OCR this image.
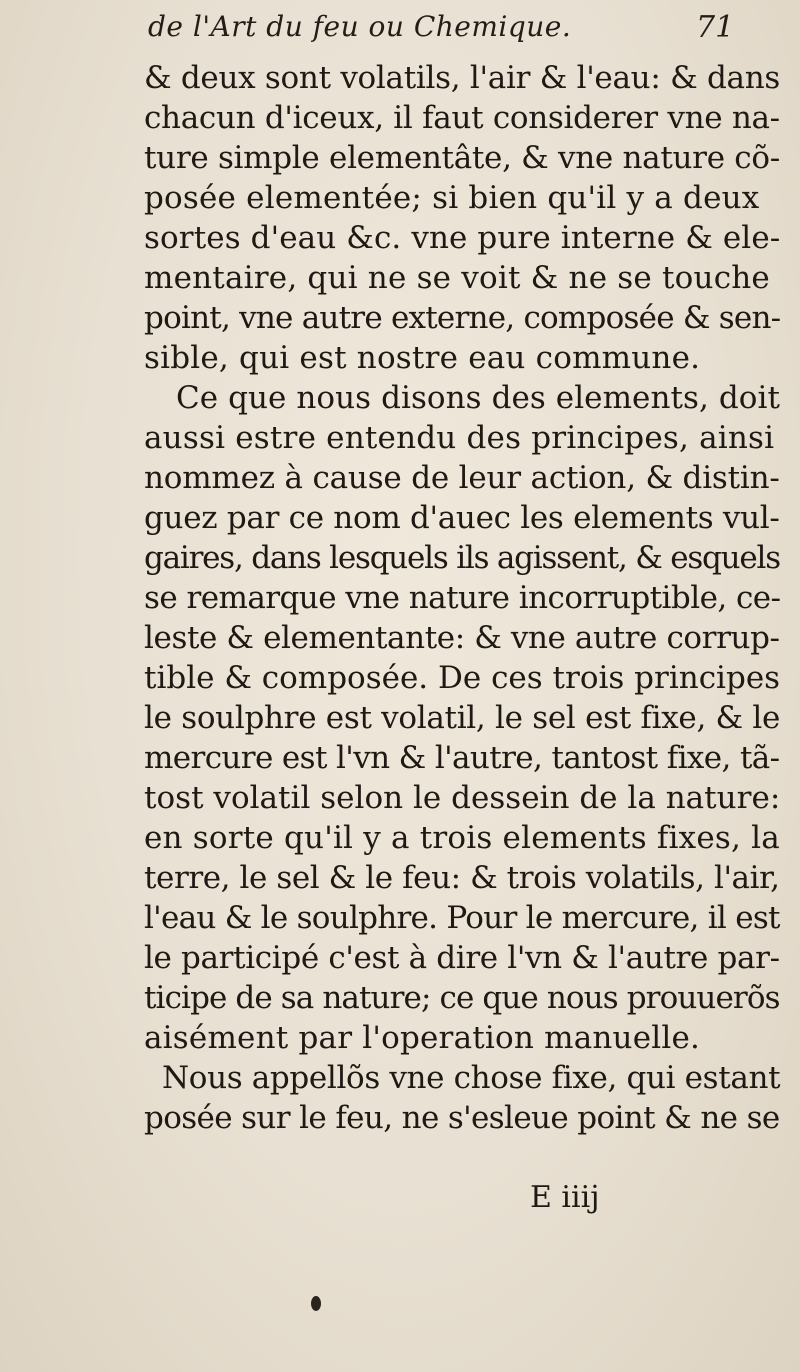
de l'Art du feu ou Chemique.	71
& deux sont volatils, l'air & l'eau: & dans
chacun d'iceux, il faut considerer vne na-
ture simple elementâte, & vne nature cõ-
posée elementée; si bien qu'il y a deux
sortes d'eau &c. vne pure interne & ele-
mentaire, qui ne se voit & ne se touche
point, vne autre externe, composée & sen-
sible, qui est nostre eau commune.
Ce que nous disons des elements, doit
aussi estre entendu des principes, ainsi
nommez à cause de leur action, & distin-
guez par ce nom d'auec les elements vul-
gaires, dans lesquels ils agissent, & esquels
se remarque vne nature incorruptible, ce-
leste & elementante: & vne autre corrup-
tible & composée. De ces trois principes
le soulphre est volatil, le sel est fixe, & le
mercure est l'vn & l'autre, tantost fixe, tã-
tost volatil selon le dessein de la nature:
en sorte qu'il y a trois elements fixes, la
terre, le sel & le feu: & trois volatils, l'air,
l'eau & le soulphre. Pour le mercure, il est
le participé c'est à dire l'vn & l'autre par-
ticipe de sa nature; ce que nous prouuerõs
aisément par l'operation manuelle.
Nous appellõs vne chose fixe, qui estant
posée sur le feu, ne s'esleue point & ne se
E iiij
